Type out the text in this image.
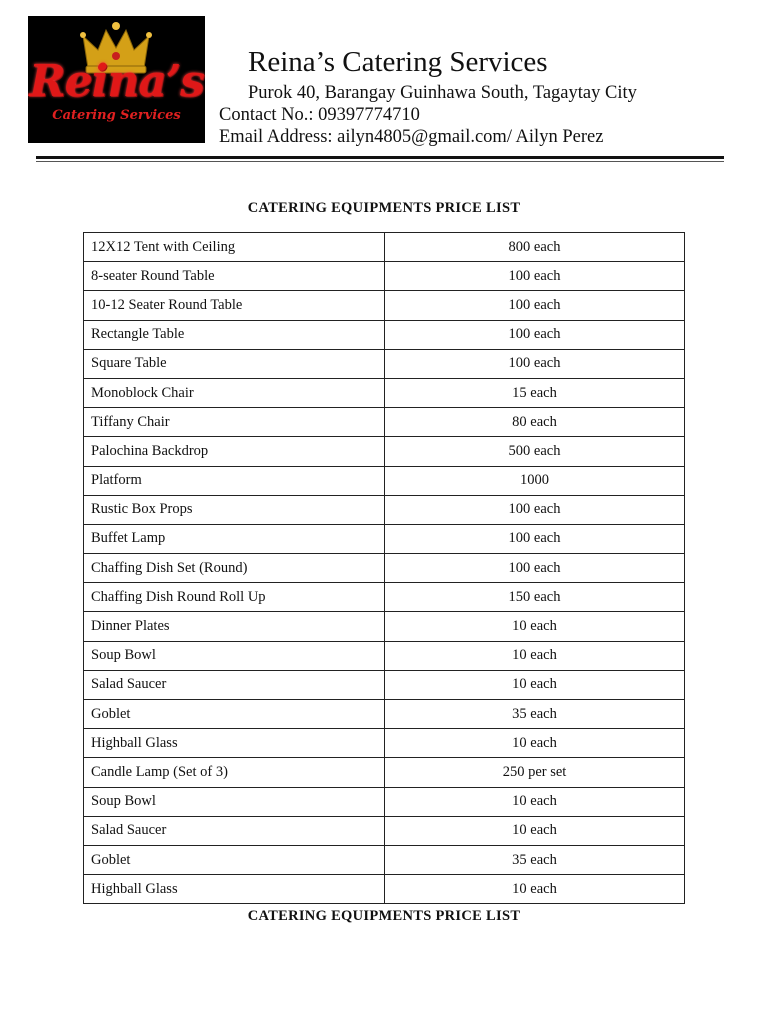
Reina’s
Catering Services
Reina’s Catering Services
Purok 40, Barangay Guinhawa South, Tagaytay City
Contact No.: 09397774710
Email Address: ailyn4805@gmail.com/ Ailyn Perez
CATERING EQUIPMENTS PRICE LIST
12X12 Tent with Ceiling	800 each
8-seater Round Table	100 each
10-12 Seater Round Table	100 each
Rectangle Table	100 each
Square Table	100 each
Monoblock Chair	15 each
Tiffany Chair	80 each
Palochina Backdrop	500 each
Platform	1000
Rustic Box Props	100 each
Buffet Lamp	100 each
Chaffing Dish Set (Round)	100 each
Chaffing Dish Round Roll Up	150 each
Dinner Plates	10 each
Soup Bowl	10 each
Salad Saucer	10 each
Goblet	35 each
Highball Glass	10 each
Candle Lamp (Set of 3)	250 per set
Soup Bowl	10 each
Salad Saucer	10 each
Goblet	35 each
Highball Glass	10 each
CATERING EQUIPMENTS PRICE LIST
